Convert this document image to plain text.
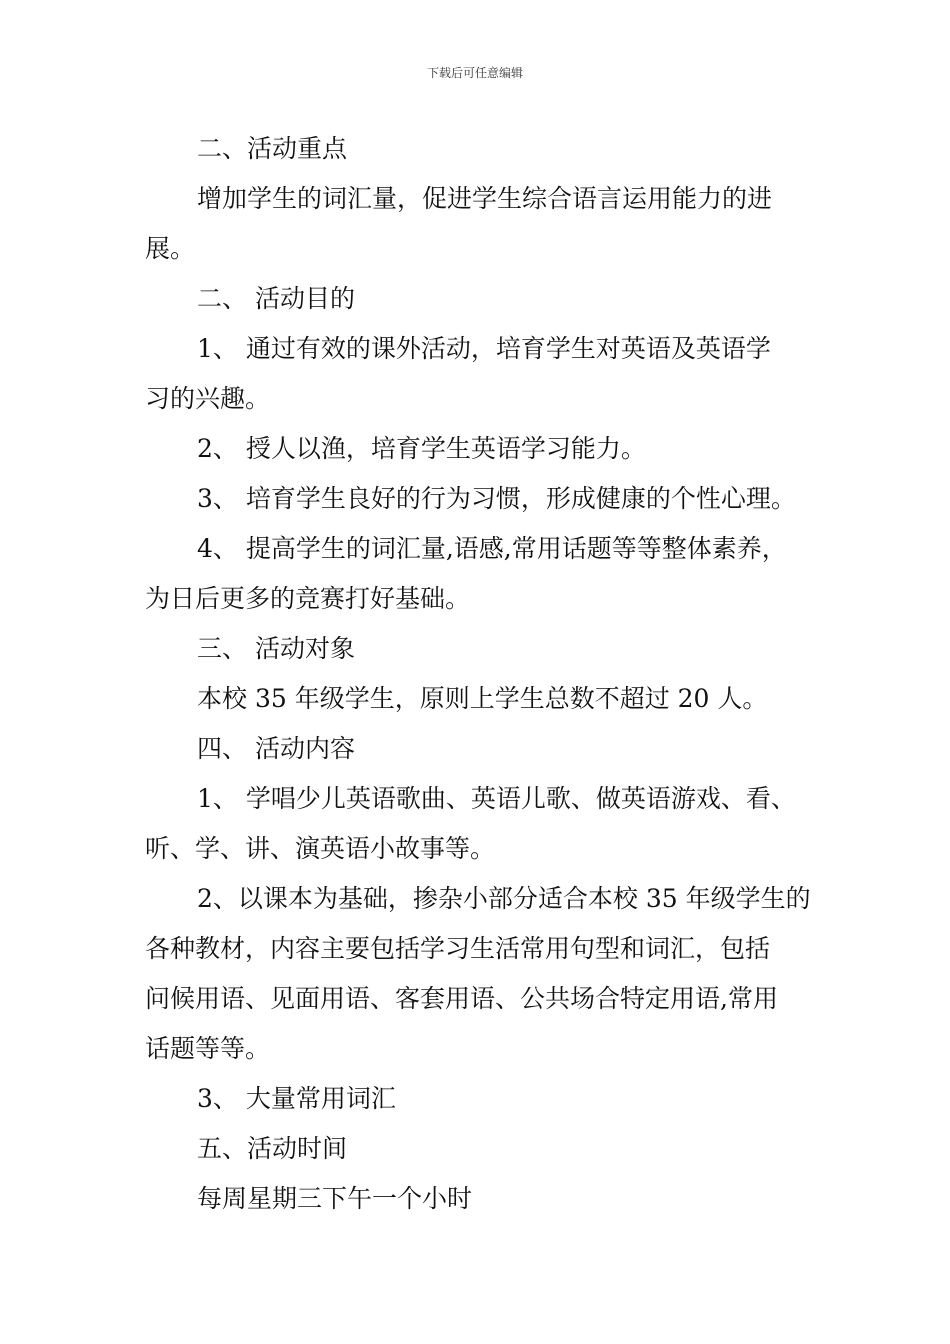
下载后可任意编辑

二、活动重点

增加学生的词汇量，促进学生综合语言运用能力的进

展。

二、 活动目的

1、 通过有效的课外活动，培育学生对英语及英语学

习的兴趣。

2、 授人以渔，培育学生英语学习能力。

3、 培育学生良好的行为习惯，形成健康的个性心理。

4、 提高学生的词汇量,语感,常用话题等等整体素养，

为日后更多的竞赛打好基础。

三、 活动对象

本校 35 年级学生，原则上学生总数不超过 20 人。

四、 活动内容

1、 学唱少儿英语歌曲、英语儿歌、做英语游戏、看、

听、学、讲、演英语小故事等。

2、以课本为基础，掺杂小部分适合本校 35 年级学生的

各种教材，内容主要包括学习生活常用句型和词汇，包括

问候用语、见面用语、客套用语、公共场合特定用语,常用

话题等等。

3、 大量常用词汇

五、活动时间

每周星期三下午一个小时
